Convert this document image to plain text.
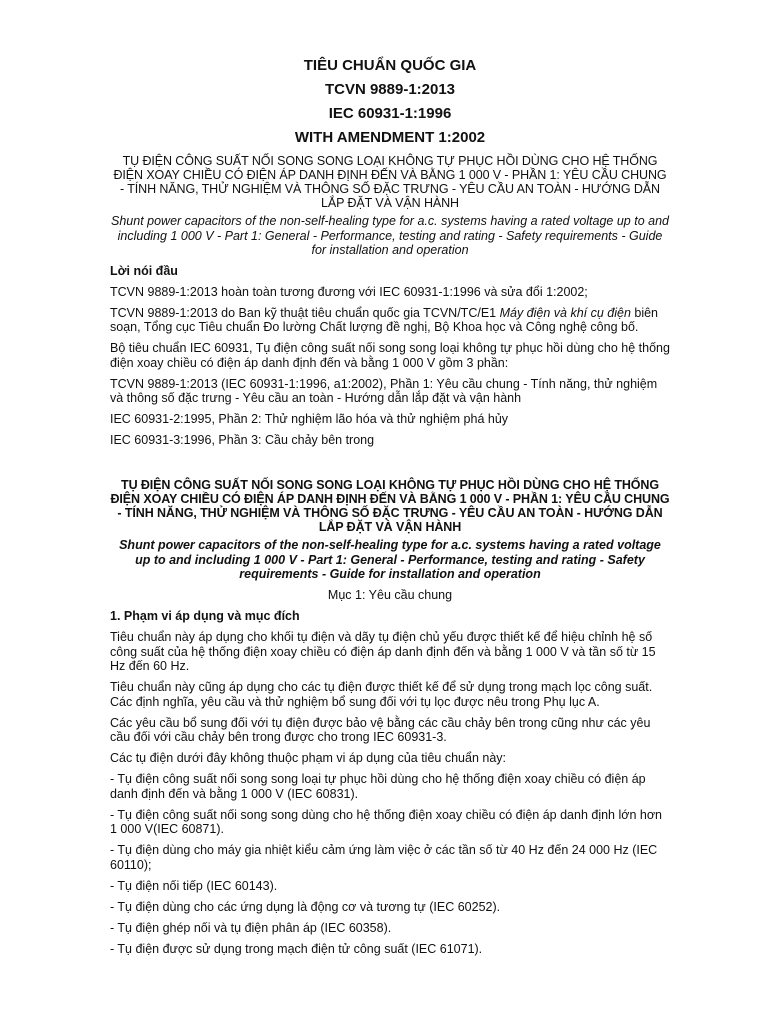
TIÊU CHUẨN QUỐC GIA
TCVN 9889-1:2013
IEC 60931-1:1996
WITH AMENDMENT 1:2002
TỤ ĐIỆN CÔNG SUẤT NỐI SONG SONG LOẠI KHÔNG TỰ PHỤC HỒI DÙNG CHO HỆ THỐNG ĐIỆN XOAY CHIỀU CÓ ĐIỆN ÁP DANH ĐỊNH ĐẾN VÀ BẰNG 1 000 V - PHẦN 1: YÊU CẦU CHUNG - TÍNH NĂNG, THỬ NGHIỆM VÀ THÔNG SỐ ĐẶC TRƯNG - YÊU CẦU AN TOÀN - HƯỚNG DẪN LẮP ĐẶT VÀ VẬN HÀNH
Shunt power capacitors of the non-self-healing type for a.c. systems having a rated voltage up to and including 1 000 V - Part 1: General - Performance, testing and rating - Safety requirements - Guide for installation and operation
Lời nói đầu
TCVN 9889-1:2013 hoàn toàn tương đương với IEC 60931-1:1996 và sửa đổi 1:2002;
TCVN 9889-1:2013 do Ban kỹ thuật tiêu chuẩn quốc gia TCVN/TC/E1 Máy điện và khí cụ điện biên soạn, Tổng cục Tiêu chuẩn Đo lường Chất lượng đề nghị, Bộ Khoa học và Công nghệ công bố.
Bộ tiêu chuẩn IEC 60931, Tụ điện công suất nối song song loại không tự phục hồi dùng cho hệ thống điện xoay chiều có điện áp danh định đến và bằng 1 000 V gồm 3 phần:
TCVN 9889-1:2013 (IEC 60931-1:1996, a1:2002), Phần 1: Yêu cầu chung - Tính năng, thử nghiệm và thông số đặc trưng - Yêu cầu an toàn - Hướng dẫn lắp đặt và vận hành
IEC 60931-2:1995, Phần 2: Thử nghiệm lão hóa và thử nghiệm phá hủy
IEC 60931-3:1996, Phần 3: Cầu chảy bên trong
TỤ ĐIỆN CÔNG SUẤT NỐI SONG SONG LOẠI KHÔNG TỰ PHỤC HỒI DÙNG CHO HỆ THỐNG ĐIỆN XOAY CHIỀU CÓ ĐIỆN ÁP DANH ĐỊNH ĐẾN VÀ BẰNG 1 000 V - PHẦN 1: YÊU CẦU CHUNG - TÍNH NĂNG, THỬ NGHIỆM VÀ THÔNG SỐ ĐẶC TRƯNG - YÊU CẦU AN TOÀN - HƯỚNG DẪN LẮP ĐẶT VÀ VẬN HÀNH
Shunt power capacitors of the non-self-healing type for a.c. systems having a rated voltage up to and including 1 000 V - Part 1: General - Performance, testing and rating - Safety requirements - Guide for installation and operation
Mục 1: Yêu cầu chung
1. Phạm vi áp dụng và mục đích
Tiêu chuẩn này áp dụng cho khối tụ điện và dãy tụ điện chủ yếu được thiết kế để hiệu chỉnh hệ số công suất của hệ thống điện xoay chiều có điện áp danh định đến và bằng 1 000 V và tần số từ 15 Hz đến 60 Hz.
Tiêu chuẩn này cũng áp dụng cho các tụ điện được thiết kế để sử dụng trong mạch lọc công suất. Các định nghĩa, yêu cầu và thử nghiệm bổ sung đối với tụ lọc được nêu trong Phụ lục A.
Các yêu cầu bổ sung đối với tụ điện được bảo vệ bằng các cầu chảy bên trong cũng như các yêu cầu đối với cầu chảy bên trong được cho trong IEC 60931-3.
Các tụ điện dưới đây không thuộc phạm vi áp dụng của tiêu chuẩn này:
- Tụ điện công suất nối song song loại tự phục hồi dùng cho hệ thống điện xoay chiều có điện áp danh định đến và bằng 1 000 V (IEC 60831).
- Tụ điện công suất nối song song dùng cho hệ thống điện xoay chiều có điện áp danh định lớn hơn 1 000 V(IEC 60871).
- Tụ điện dùng cho máy gia nhiệt kiểu cảm ứng làm việc ở các tần số từ 40 Hz đến 24 000 Hz (IEC 60110);
- Tụ điện nối tiếp (IEC 60143).
- Tụ điện dùng cho các ứng dụng là động cơ và tương tự (IEC 60252).
- Tụ điện ghép nối và tụ điện phân áp (IEC 60358).
- Tụ điện được sử dụng trong mạch điện tử công suất (IEC 61071).
